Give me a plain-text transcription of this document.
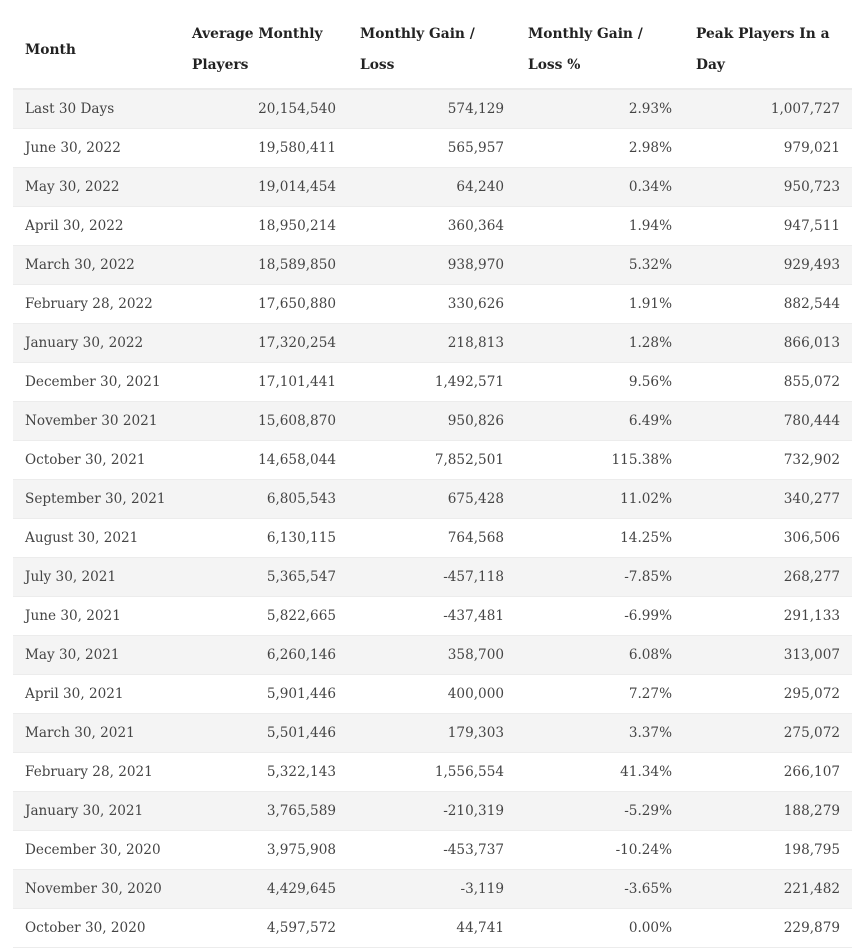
Month	Average Monthly Players	Monthly Gain / Loss	Monthly Gain / Loss %	Peak Players In a Day
Last 30 Days	20,154,540	574,129	2.93%	1,007,727
June 30, 2022	19,580,411	565,957	2.98%	979,021
May 30, 2022	19,014,454	64,240	0.34%	950,723
April 30, 2022	18,950,214	360,364	1.94%	947,511
March 30, 2022	18,589,850	938,970	5.32%	929,493
February 28, 2022	17,650,880	330,626	1.91%	882,544
January 30, 2022	17,320,254	218,813	1.28%	866,013
December 30, 2021	17,101,441	1,492,571	9.56%	855,072
November 30 2021	15,608,870	950,826	6.49%	780,444
October 30, 2021	14,658,044	7,852,501	115.38%	732,902
September 30, 2021	6,805,543	675,428	11.02%	340,277
August 30, 2021	6,130,115	764,568	14.25%	306,506
July 30, 2021	5,365,547	-457,118	-7.85%	268,277
June 30, 2021	5,822,665	-437,481	-6.99%	291,133
May 30, 2021	6,260,146	358,700	6.08%	313,007
April 30, 2021	5,901,446	400,000	7.27%	295,072
March 30, 2021	5,501,446	179,303	3.37%	275,072
February 28, 2021	5,322,143	1,556,554	41.34%	266,107
January 30, 2021	3,765,589	-210,319	-5.29%	188,279
December 30, 2020	3,975,908	-453,737	-10.24%	198,795
November 30, 2020	4,429,645	-3,119	-3.65%	221,482
October 30, 2020	4,597,572	44,741	0.00%	229,879
